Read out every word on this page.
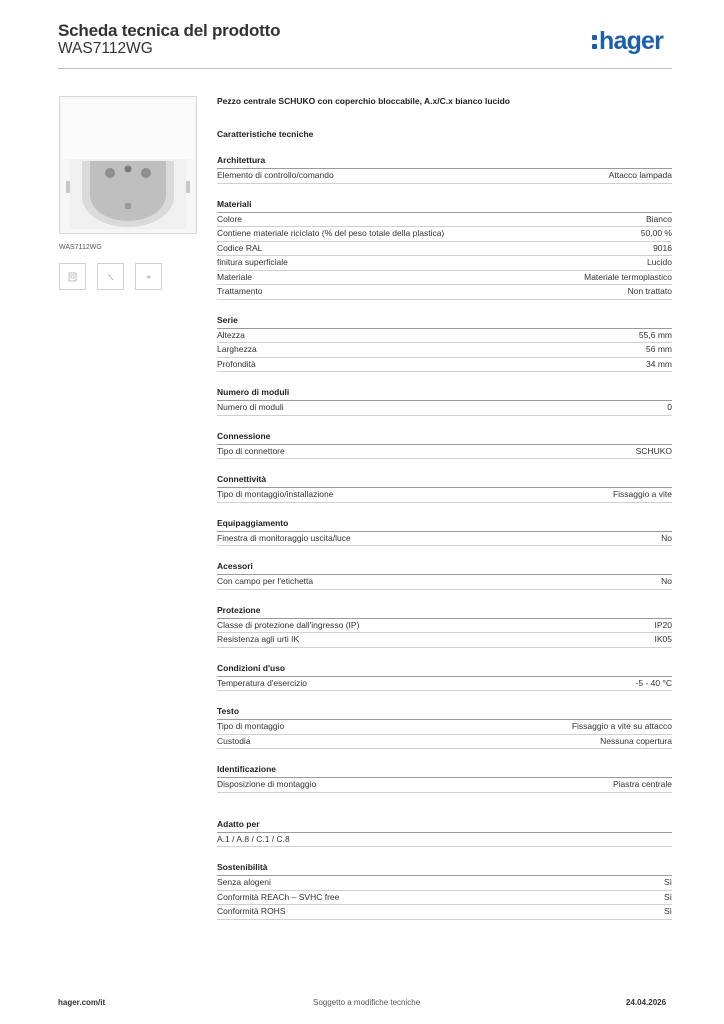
Scheda tecnica del prodotto
WAS7112WG	hager
WAS7112WG
Pezzo centrale SCHUKO con coperchio bloccabile, A.x/C.x bianco lucido
Caratteristiche tecniche
Architettura
Elemento di controllo/comando	Attacco lampada
Materiali
Colore	Bianco
Contiene materiale riciclato (% del peso totale della plastica)	50,00 %
Codice RAL	9016
finitura superficiale	Lucido
Materiale	Materiale termoplastico
Trattamento	Non trattato
Serie
Altezza	55,6 mm
Larghezza	56 mm
Profondità	34 mm
Numero di moduli
Numero di moduli	0
Connessione
Tipo di connettore	SCHUKO
Connettività
Tipo di montaggio/installazione	Fissaggio a vite
Equipaggiamento
Finestra di monitoraggio uscita/luce	No
Acessori
Con campo per l'etichetta	No
Protezione
Classe di protezione dall'ingresso (IP)	IP20
Resistenza agli urti IK	IK05
Condizioni d'uso
Temperatura d'esercizio	-5 - 40 °C
Testo
Tipo di montaggio	Fissaggio a vite su attacco
Custodia	Nessuna copertura
Identificazione
Disposizione di montaggio	Piastra centrale
Adatto per
A.1 / A.8 / C.1 / C.8
Sostenibilità
Senza alogeni	Sì
Conformità REACh – SVHC free	Sì
Conformità ROHS	Sì
hager.com/it	Soggetto a modifiche tecniche	24.04.2026
